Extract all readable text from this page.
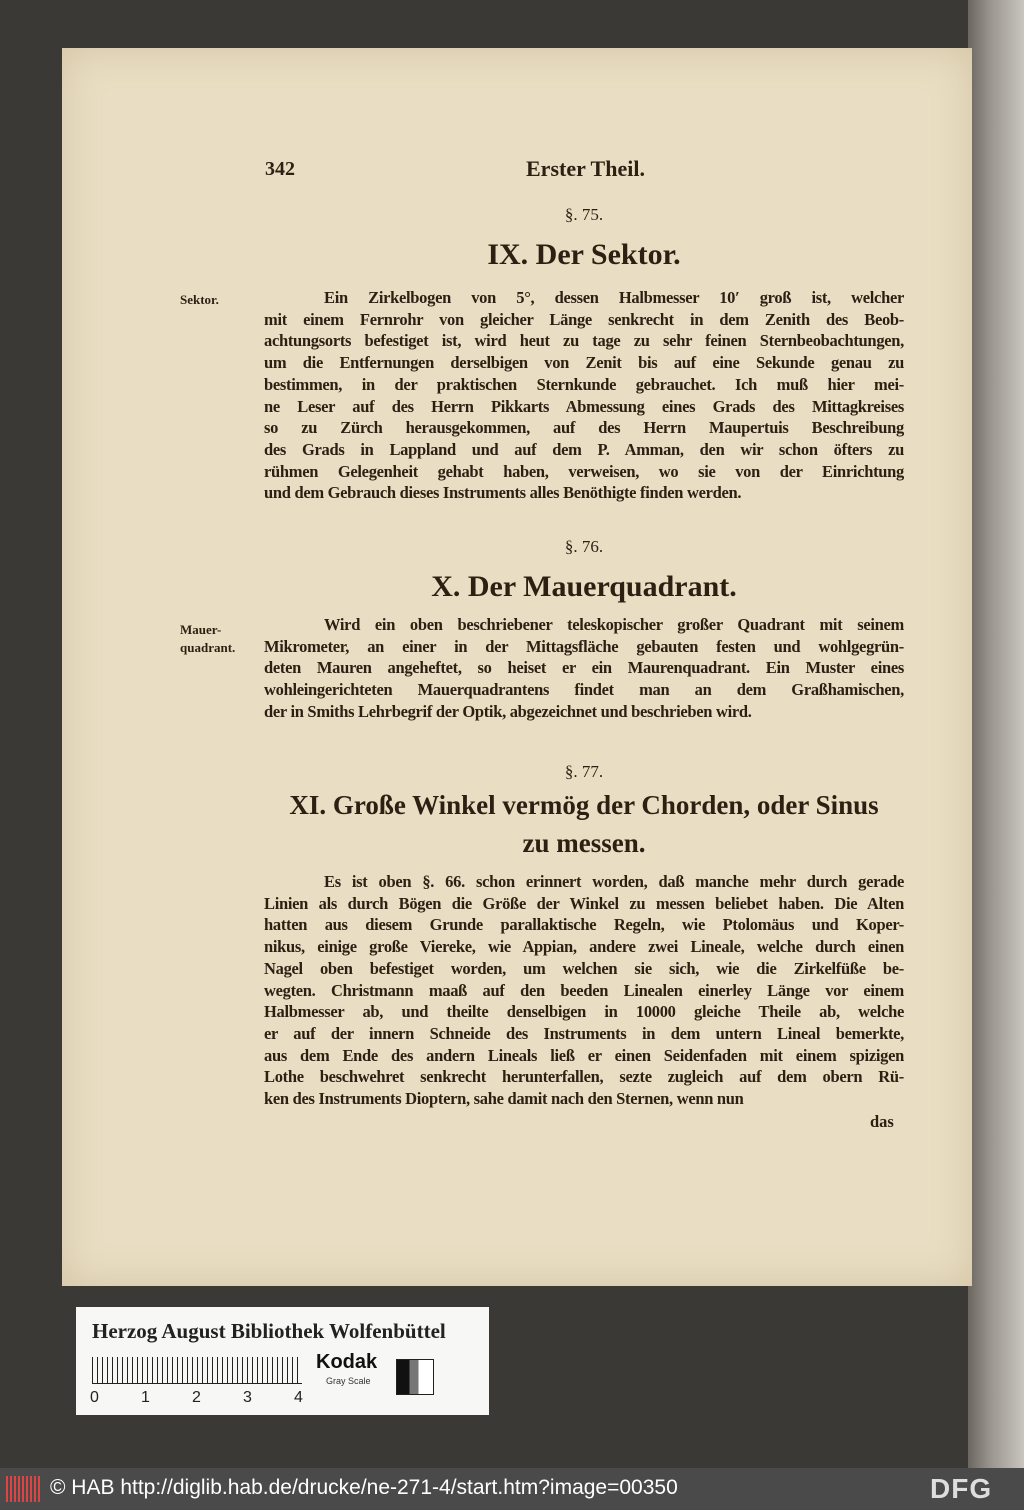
342	Erster Theil.
§. 75.
IX. Der Sektor.
Sektor.
§. 76.
X. Der Mauerquadrant.
Mauer-
quadrant.
§. 77.
XI. Große Winkel vermög der Chorden, oder Sinus
zu messen.
das
Ein Zirkelbogen von 5°, dessen Halbmesser 10′ groß ist, welcher
mit einem Fernrohr von gleicher Länge senkrecht in dem Zenith des Beob-
achtungsorts befestiget ist, wird heut zu tage zu sehr feinen Sternbeobachtungen,
um die Entfernungen derselbigen von Zenit bis auf eine Sekunde genau zu
bestimmen, in der praktischen Sternkunde gebrauchet. Ich muß hier mei-
ne Leser auf des Herrn Pikkarts Abmessung eines Grads des Mittagkreises
so zu Zürch herausgekommen, auf des Herrn Maupertuis Beschreibung
des Grads in Lappland und auf dem P. Amman, den wir schon öfters zu
rühmen Gelegenheit gehabt haben, verweisen, wo sie von der Einrichtung
und dem Gebrauch dieses Instruments alles Benöthigte finden werden.
Wird ein oben beschriebener teleskopischer großer Quadrant mit seinem
Mikrometer, an einer in der Mittagsfläche gebauten festen und wohlgegrün-
deten Mauren angeheftet, so heiset er ein Maurenquadrant. Ein Muster eines
wohleingerichteten Mauerquadrantens findet man an dem Graßhamischen,
der in Smiths Lehrbegrif der Optik, abgezeichnet und beschrieben wird.
Es ist oben §. 66. schon erinnert worden, daß manche mehr durch gerade
Linien als durch Bögen die Größe der Winkel zu messen beliebet haben. Die Alten
hatten aus diesem Grunde parallaktische Regeln, wie Ptolomäus und Koper-
nikus, einige große Viereke, wie Appian, andere zwei Lineale, welche durch einen
Nagel oben befestiget worden, um welchen sie sich, wie die Zirkelfüße be-
wegten. Christmann maaß auf den beeden Linealen einerley Länge vor einem
Halbmesser ab, und theilte denselbigen in 10000 gleiche Theile ab, welche
er auf der innern Schneide des Instruments in dem untern Lineal bemerkte,
aus dem Ende des andern Lineals ließ er einen Seidenfaden mit einem spizigen
Lothe beschwehret senkrecht herunterfallen, sezte zugleich auf dem obern Rü-
ken des Instruments Dioptern, sahe damit nach den Sternen, wenn nun
Herzog August Bibliothek Wolfenbüttel
0	1	2	3	4
Kodak
Gray Scale
© HAB http://diglib.hab.de/drucke/ne-271-4/start.htm?image=00350	DFG
